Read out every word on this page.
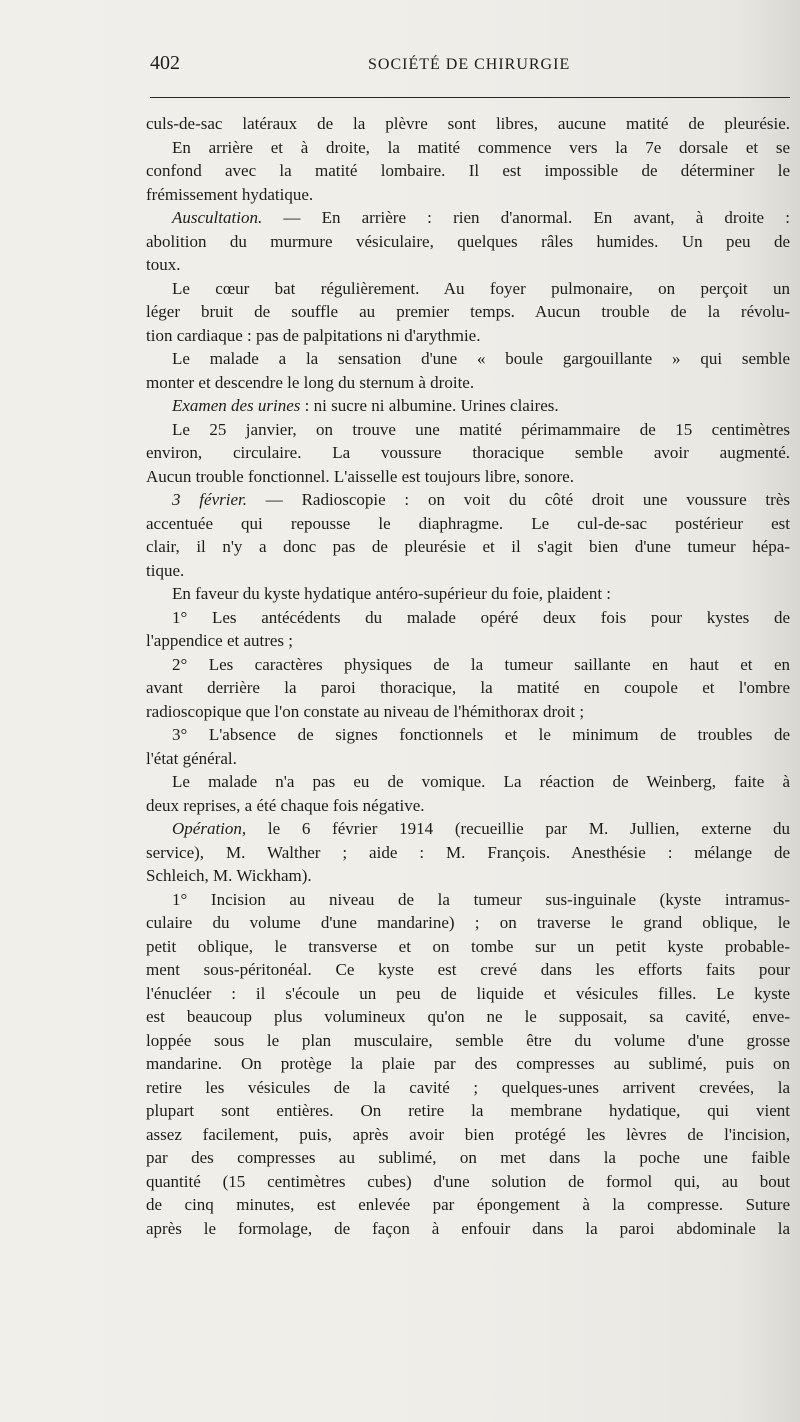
402	SOCIÉTÉ DE CHIRURGIE
culs-de-sac latéraux de la plèvre sont libres, aucune matité de pleurésie.
En arrière et à droite, la matité commence vers la 7e dorsale et se
confond avec la matité lombaire. Il est impossible de déterminer le
frémissement hydatique.
Auscultation. — En arrière : rien d'anormal. En avant, à droite :
abolition du murmure vésiculaire, quelques râles humides. Un peu de
toux.
Le cœur bat régulièrement. Au foyer pulmonaire, on perçoit un
léger bruit de souffle au premier temps. Aucun trouble de la révolu-
tion cardiaque : pas de palpitations ni d'arythmie.
Le malade a la sensation d'une « boule gargouillante » qui semble
monter et descendre le long du sternum à droite.
Examen des urines : ni sucre ni albumine. Urines claires.
Le 25 janvier, on trouve une matité périmammaire de 15 centimètres
environ, circulaire. La voussure thoracique semble avoir augmenté.
Aucun trouble fonctionnel. L'aisselle est toujours libre, sonore.
3 février. — Radioscopie : on voit du côté droit une voussure très
accentuée qui repousse le diaphragme. Le cul-de-sac postérieur est
clair, il n'y a donc pas de pleurésie et il s'agit bien d'une tumeur hépa-
tique.
En faveur du kyste hydatique antéro-supérieur du foie, plaident :
1° Les antécédents du malade opéré deux fois pour kystes de
l'appendice et autres ;
2° Les caractères physiques de la tumeur saillante en haut et en
avant derrière la paroi thoracique, la matité en coupole et l'ombre
radioscopique que l'on constate au niveau de l'hémithorax droit ;
3° L'absence de signes fonctionnels et le minimum de troubles de
l'état général.
Le malade n'a pas eu de vomique. La réaction de Weinberg, faite à
deux reprises, a été chaque fois négative.
Opération, le 6 février 1914 (recueillie par M. Jullien, externe du
service), M. Walther ; aide : M. François. Anesthésie : mélange de
Schleich, M. Wickham).
1° Incision au niveau de la tumeur sus-inguinale (kyste intramus-
culaire du volume d'une mandarine) ; on traverse le grand oblique, le
petit oblique, le transverse et on tombe sur un petit kyste probable-
ment sous-péritonéal. Ce kyste est crevé dans les efforts faits pour
l'énucléer : il s'écoule un peu de liquide et vésicules filles. Le kyste
est beaucoup plus volumineux qu'on ne le supposait, sa cavité, enve-
loppée sous le plan musculaire, semble être du volume d'une grosse
mandarine. On protège la plaie par des compresses au sublimé, puis on
retire les vésicules de la cavité ; quelques-unes arrivent crevées, la
plupart sont entières. On retire la membrane hydatique, qui vient
assez facilement, puis, après avoir bien protégé les lèvres de l'incision,
par des compresses au sublimé, on met dans la poche une faible
quantité (15 centimètres cubes) d'une solution de formol qui, au bout
de cinq minutes, est enlevée par épongement à la compresse. Suture
après le formolage, de façon à enfouir dans la paroi abdominale la
